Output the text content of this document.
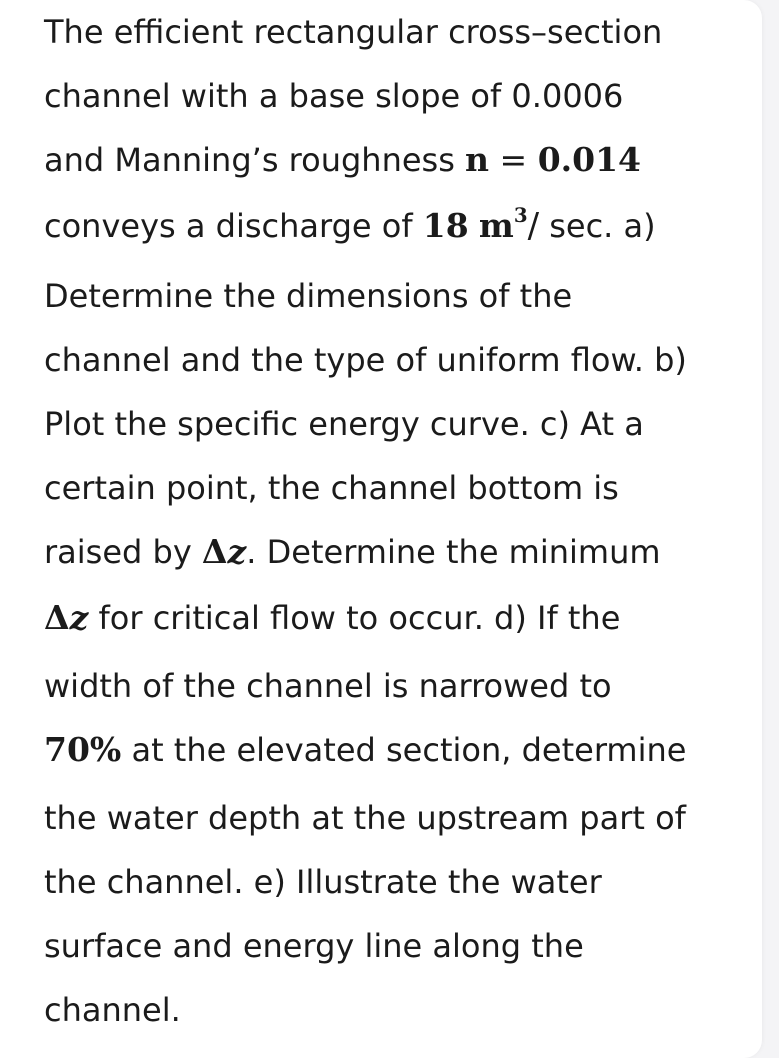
The efficient rectangular cross–section
channel with a base slope of 0.0006
and Manning’s roughness n = 0.014
conveys a discharge of 18 $m^3/$ sec. a)
Determine the dimensions of the
channel and the type of uniform flow. b)
Plot the specific energy curve. c) At a
certain point, the channel bottom is
raised by Δz. Determine the minimum
Δz for critical flow to occur. d) If the
width of the channel is narrowed to
70% at the elevated section, determine
the water depth at the upstream part of
the channel. e) Illustrate the water
surface and energy line along the
channel.
